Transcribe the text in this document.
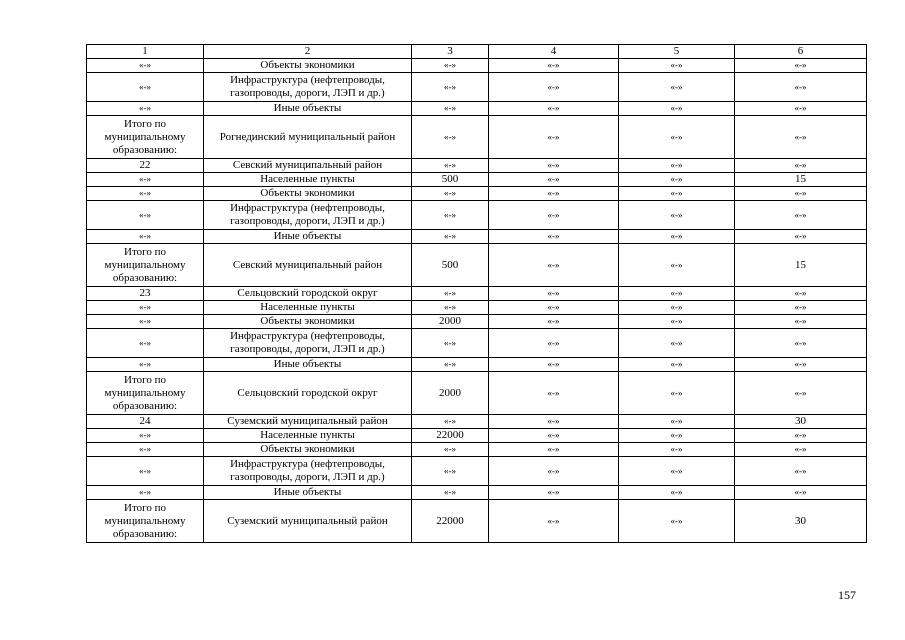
1	2	3	4	5	6
«-»	Объекты экономики	«-»	«-»	«-»	«-»
«-»	Инфраструктура (нефтепроводы, газопроводы, дороги, ЛЭП и др.)	«-»	«-»	«-»	«-»
«-»	Иные объекты	«-»	«-»	«-»	«-»
Итого по муниципальному образованию:	Рогнединский муниципальный район	«-»	«-»	«-»	«-»
22	Севский муниципальный район	«-»	«-»	«-»	«-»
«-»	Населенные пункты	500	«-»	«-»	15
«-»	Объекты экономики	«-»	«-»	«-»	«-»
«-»	Инфраструктура (нефтепроводы, газопроводы, дороги, ЛЭП и др.)	«-»	«-»	«-»	«-»
«-»	Иные объекты	«-»	«-»	«-»	«-»
Итого по муниципальному образованию:	Севский муниципальный район	500	«-»	«-»	15
23	Сельцовский городской округ	«-»	«-»	«-»	«-»
«-»	Населенные пункты	«-»	«-»	«-»	«-»
«-»	Объекты экономики	2000	«-»	«-»	«-»
«-»	Инфраструктура (нефтепроводы, газопроводы, дороги, ЛЭП и др.)	«-»	«-»	«-»	«-»
«-»	Иные объекты	«-»	«-»	«-»	«-»
Итого по муниципальному образованию:	Сельцовский городской округ	2000	«-»	«-»	«-»
24	Суземский муниципальный район	«-»	«-»	«-»	30
«-»	Населенные пункты	22000	«-»	«-»	«-»
«-»	Объекты экономики	«-»	«-»	«-»	«-»
«-»	Инфраструктура (нефтепроводы, газопроводы, дороги, ЛЭП и др.)	«-»	«-»	«-»	«-»
«-»	Иные объекты	«-»	«-»	«-»	«-»
Итого по муниципальному образованию:	Суземский муниципальный район	22000	«-»	«-»	30
157
